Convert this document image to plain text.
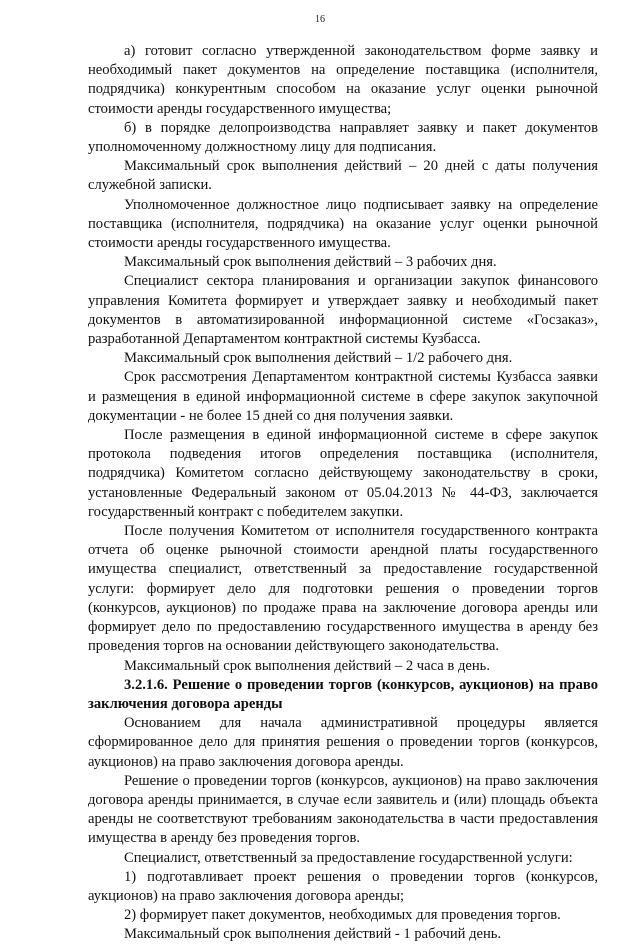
16

а) готовит согласно утвержденной законодательством форме заявку и необходимый пакет документов на определение поставщика (исполнителя, подрядчика) конкурентным способом на оказание услуг оценки рыночной стоимости аренды государственного имущества;

б) в порядке делопроизводства направляет заявку и пакет документов уполномоченному должностному лицу для подписания.

Максимальный срок выполнения действий – 20 дней с даты получения служебной записки.

Уполномоченное должностное лицо подписывает заявку на определение поставщика (исполнителя, подрядчика) на оказание услуг оценки рыночной стоимости аренды государственного имущества.

Максимальный срок выполнения действий – 3 рабочих дня.

Специалист сектора планирования и организации закупок финансового управления Комитета формирует и утверждает заявку и необходимый пакет документов в автоматизированной информационной системе «Госзаказ», разработанной Департаментом контрактной системы Кузбасса.

Максимальный срок выполнения действий – 1/2 рабочего дня.

Срок рассмотрения Департаментом контрактной системы Кузбасса заявки и размещения в единой информационной системе в сфере закупок закупочной документации - не более 15 дней со дня получения заявки.

После размещения в единой информационной системе в сфере закупок протокола подведения итогов определения поставщика (исполнителя, подрядчика) Комитетом согласно действующему законодательству в сроки, установленные Федеральный законом от 05.04.2013 № 44-ФЗ, заключается государственный контракт с победителем закупки.

После получения Комитетом от исполнителя государственного контракта отчета об оценке рыночной стоимости арендной платы государственного имущества специалист, ответственный за предоставление государственной услуги: формирует дело для подготовки решения о проведении торгов (конкурсов, аукционов) по продаже права на заключение договора аренды или формирует дело по предоставлению государственного имущества в аренду без проведения торгов на основании действующего законодательства.

Максимальный срок выполнения действий – 2 часа в день.

3.2.1.6. Решение о проведении торгов (конкурсов, аукционов) на право заключения договора аренды

Основанием для начала административной процедуры является сформированное дело для принятия решения о проведении торгов (конкурсов, аукционов) на право заключения договора аренды.

Решение о проведении торгов (конкурсов, аукционов) на право заключения договора аренды принимается, в случае если заявитель и (или) площадь объекта аренды не соответствуют требованиям законодательства в части предоставления имущества в аренду без проведения торгов.

Специалист, ответственный за предоставление государственной услуги:

1) подготавливает проект решения о проведении торгов (конкурсов, аукционов) на право заключения договора аренды;

2) формирует пакет документов, необходимых для проведения торгов.

Максимальный срок выполнения действий - 1 рабочий день.
